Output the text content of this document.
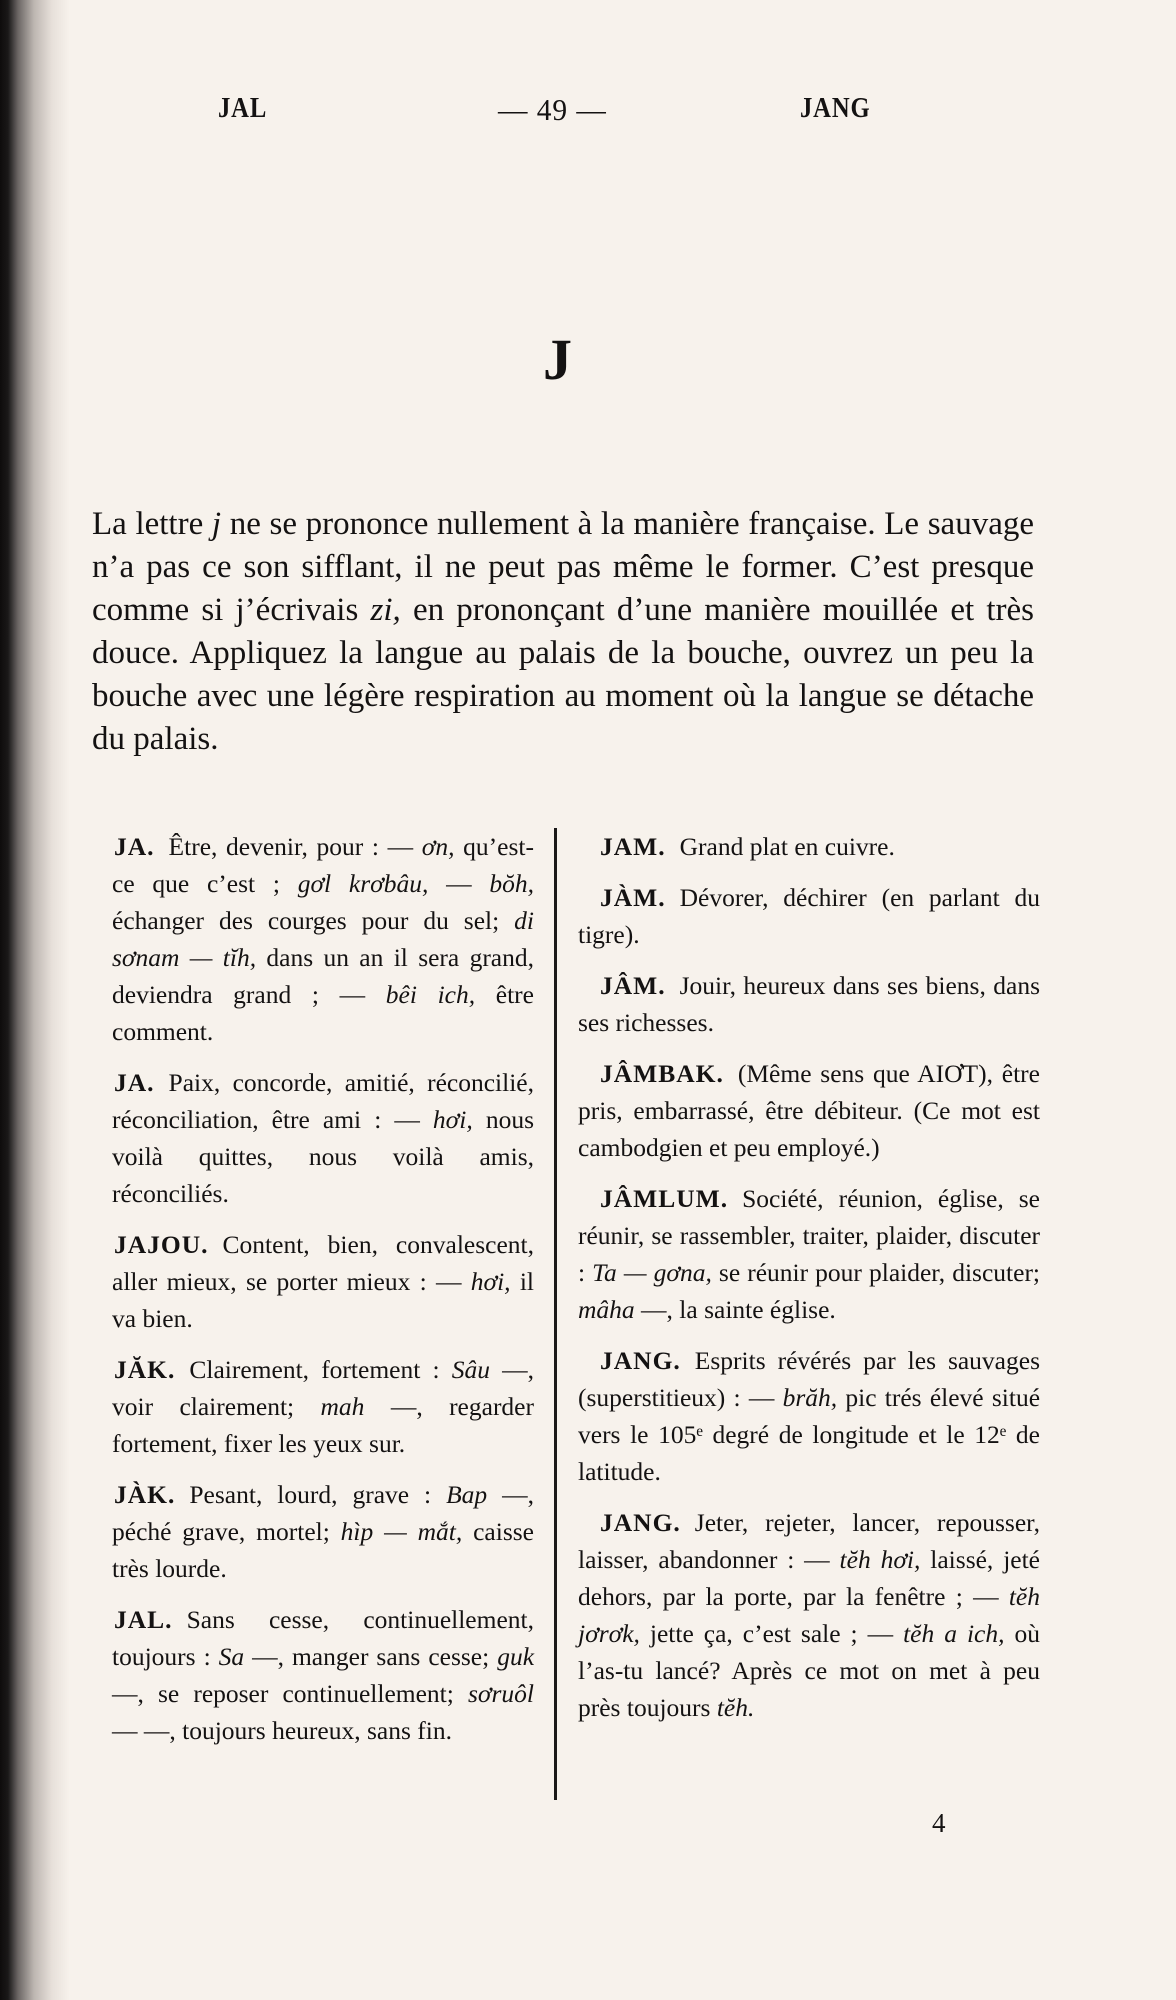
JAL	— 49 —	JANG
J

La lettre j ne se prononce nullement à la manière française. Le sauvage n’a pas ce son sifflant, il ne peut pas même le former. C’est presque comme si j’écrivais zi, en prononçant d’une manière mouillée et très douce. Appliquez la langue au palais de la bouche, ouvrez un peu la bouche avec une légère respiration au moment où la langue se détache du palais.

JA. Être, devenir, pour : — ơn, qu’est-ce que c’est ; gơl krơbâu, — bŏh, échanger des courges pour du sel; di sơnam — tĭh, dans un an il sera grand, deviendra grand ; — bêi ich, être comment.

JA. Paix, concorde, amitié, réconcilié, réconciliation, être ami : — hơi, nous voilà quittes, nous voilà amis, réconciliés.

JAJOU. Content, bien, convalescent, aller mieux, se porter mieux : — hơi, il va bien.

JĂK. Clairement, fortement : Sâu —, voir clairement; mah —, regarder fortement, fixer les yeux sur.

JÀK. Pesant, lourd, grave : Bap —, péché grave, mortel; hìp — mắt, caisse très lourde.

JAL. Sans cesse, continuellement, toujours : Sa —, manger sans cesse; guk —, se reposer continuellement; sơruôl — —, toujours heureux, sans fin.

JAM. Grand plat en cuivre.

JÀM. Dévorer, déchirer (en parlant du tigre).

JÂM. Jouir, heureux dans ses biens, dans ses richesses.

JÂMBAK. (Même sens que AIƠT), être pris, embarrassé, être débiteur. (Ce mot est cambodgien et peu employé.)

JÂMLUM. Société, réunion, église, se réunir, se rassembler, traiter, plaider, discuter : Ta — gơna, se réunir pour plaider, discuter; mâha —, la sainte église.

JANG. Esprits révérés par les sauvages (superstitieux) : — brăh, pic trés élevé situé vers le 105ᵉ degré de longitude et le 12ᵉ de latitude.

JANG. Jeter, rejeter, lancer, repousser, laisser, abandonner : — tĕh hơi, laissé, jeté dehors, par la porte, par la fenêtre ; — tĕh jơrơk, jette ça, c’est sale ; — tĕh a ich, où l’as-tu lancé? Après ce mot on met à peu près toujours tĕh.

4
